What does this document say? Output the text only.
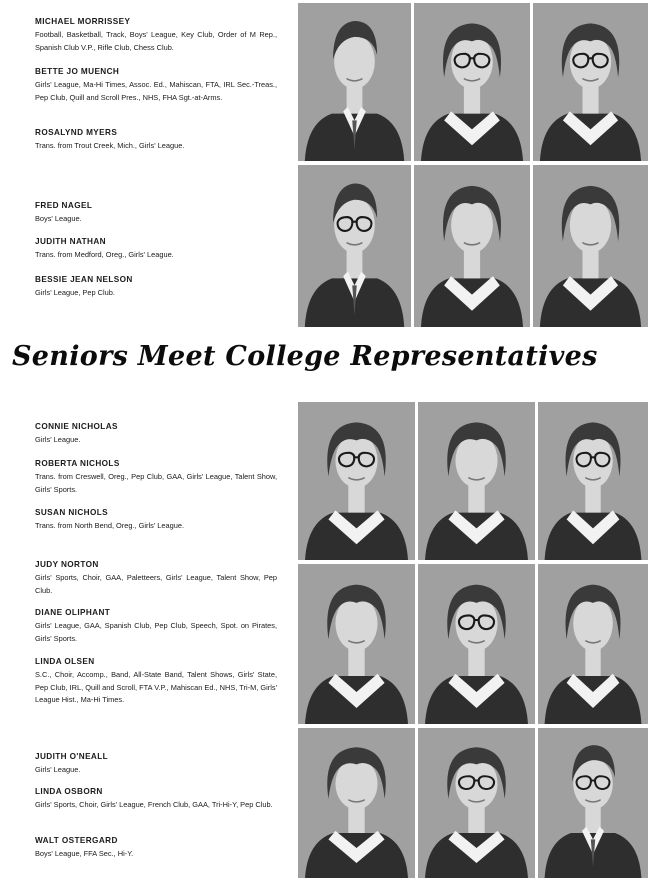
MICHAEL MORRISSEY

Football, Basketball, Track, Boys' League, Key Club, Order of M Rep., Spanish Club V.P., Rifle Club, Chess Club.

BETTE JO MUENCH

Girls' League, Ma-Hi Times, Assoc. Ed., Mahiscan, FTA, IRL Sec.-Treas., Pep Club, Quill and Scroll Pres., NHS, FHA Sgt.-at-Arms.

ROSALYND MYERS

Trans. from Trout Creek, Mich., Girls' League.

FRED NAGEL

Boys' League.

JUDITH NATHAN

Trans. from Medford, Oreg., Girls' League.

BESSIE JEAN NELSON

Girls' League, Pep Club.

Seniors Meet College Representatives

CONNIE NICHOLAS

Girls' League.

ROBERTA NICHOLS

Trans. from Creswell, Oreg., Pep Club, GAA, Girls' League, Talent Show, Girls' Sports.

SUSAN NICHOLS

Trans. from North Bend, Oreg., Girls' League.

JUDY NORTON

Girls' Sports, Choir, GAA, Paletteers, Girls' League, Talent Show, Pep Club.

DIANE OLIPHANT

Girls' League, GAA, Spanish Club, Pep Club, Speech, Spot. on Pirates, Girls' Sports.

LINDA OLSEN

S.C., Choir, Accomp., Band, All-State Band, Talent Shows, Girls' State, Pep Club, IRL, Quill and Scroll, FTA V.P., Mahiscan Ed., NHS, Tri-M, Girls' League Hist., Ma-Hi Times.

JUDITH O'NEALL

Girls' League.

LINDA OSBORN

Girls' Sports, Choir, Girls' League, French Club, GAA, Tri-Hi-Y, Pep Club.

WALT OSTERGARD

Boys' League, FFA Sec., Hi-Y.
